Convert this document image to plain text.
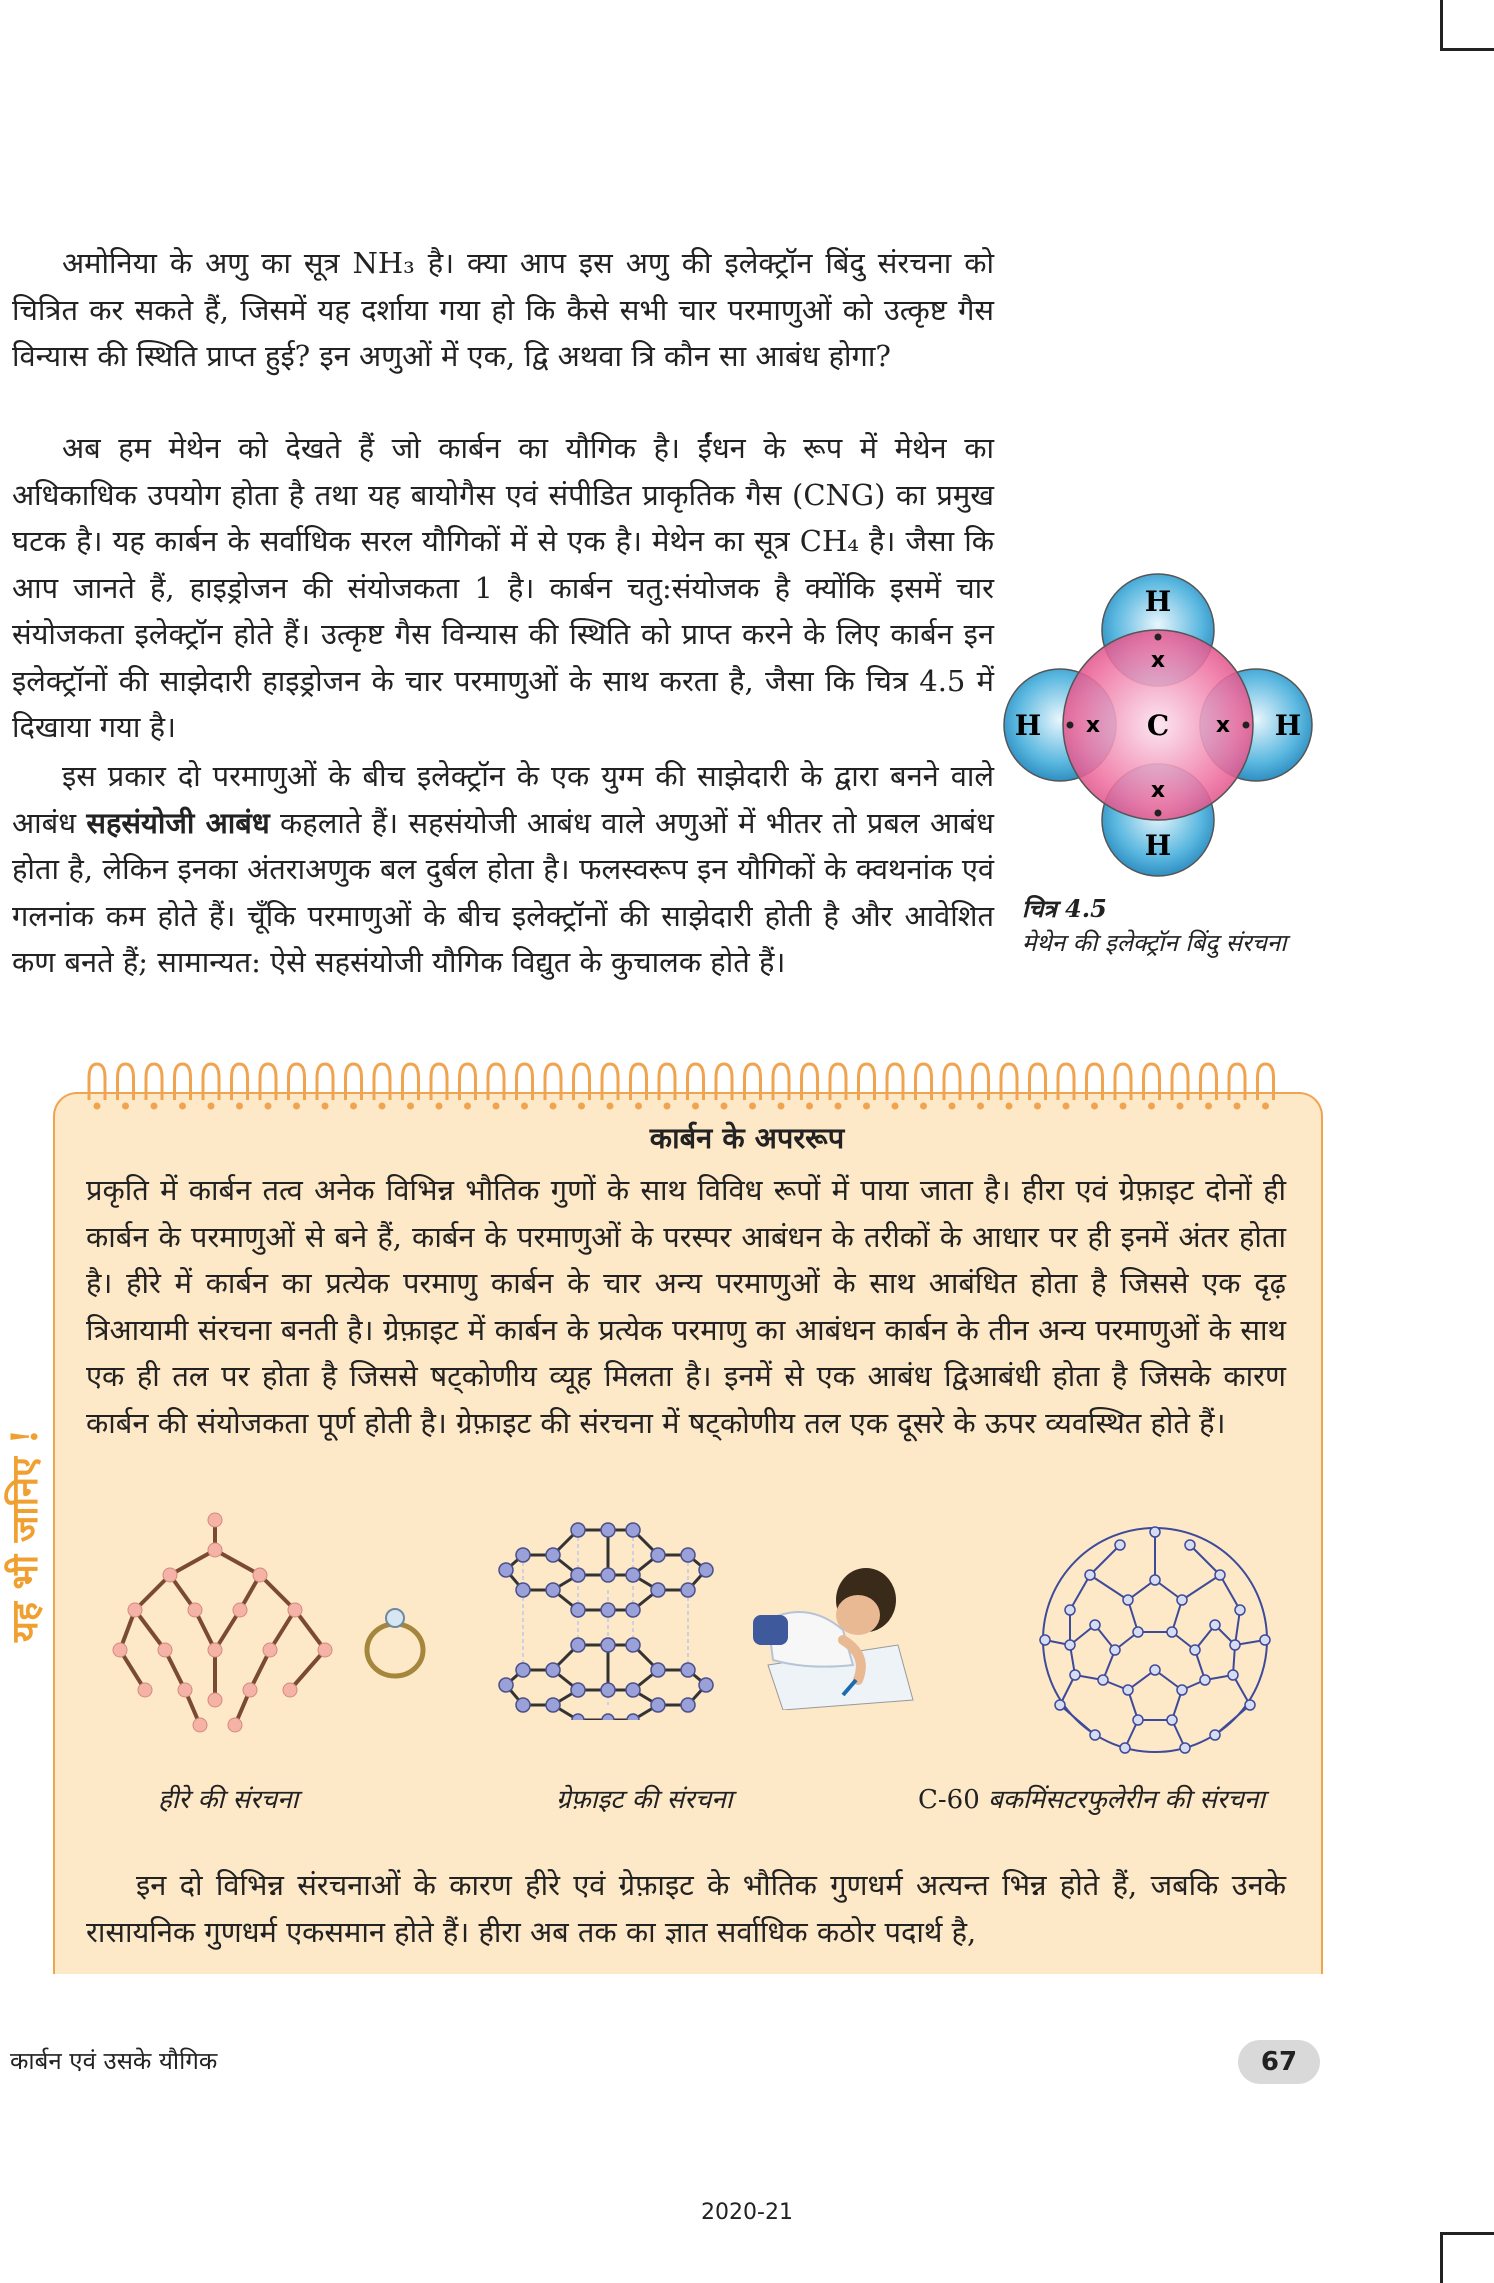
अमोनिया के अणु का सूत्र NH₃ है। क्या आप इस अणु की इलेक्ट्रॉन बिंदु संरचना को चित्रित कर सकते हैं, जिसमें यह दर्शाया गया हो कि कैसे सभी चार परमाणुओं को उत्कृष्ट गैस विन्यास की स्थिति प्राप्त हुई? इन अणुओं में एक, द्वि अथवा त्रि कौन सा आबंध होगा?

अब हम मेथेन को देखते हैं जो कार्बन का यौगिक है। ईंधन के रूप में मेथेन का अधिकाधिक उपयोग होता है तथा यह बायोगैस एवं संपीडित प्राकृतिक गैस (CNG) का प्रमुख घटक है। यह कार्बन के सर्वाधिक सरल यौगिकों में से एक है। मेथेन का सूत्र CH₄ है। जैसा कि आप जानते हैं, हाइड्रोजन की संयोजकता 1 है। कार्बन चतु:संयोजक है क्योंकि इसमें चार संयोजकता इलेक्ट्रॉन होते हैं। उत्कृष्ट गैस विन्यास की स्थिति को प्राप्त करने के लिए कार्बन इन इलेक्ट्रॉनों की साझेदारी हाइड्रोजन के चार परमाणुओं के साथ करता है, जैसा कि चित्र 4.5 में दिखाया गया है।

इस प्रकार दो परमाणुओं के बीच इलेक्ट्रॉन के एक युग्म की साझेदारी के द्वारा बनने वाले आबंध सहसंयोजी आबंध कहलाते हैं। सहसंयोजी आबंध वाले अणुओं में भीतर तो प्रबल आबंध होता है, लेकिन इनका अंतराअणुक बल दुर्बल होता है। फलस्वरूप इन यौगिकों के क्वथनांक एवं गलनांक कम होते हैं। चूँकि परमाणुओं के बीच इलेक्ट्रॉनों की साझेदारी होती है और आवेशित कण बनते हैं; सामान्यत: ऐसे सहसंयोजी यौगिक विद्युत के कुचालक होते हैं।

H
H
H	H
C
x
x
x	x
चित्र 4.5
मेथेन की इलेक्ट्रॉन बिंदु संरचना
यह भी जानिए !
कार्बन के अपररूप

प्रकृति में कार्बन तत्व अनेक विभिन्न भौतिक गुणों के साथ विविध रूपों में पाया जाता है। हीरा एवं ग्रेफ़ाइट दोनों ही कार्बन के परमाणुओं से बने हैं, कार्बन के परमाणुओं के परस्पर आबंधन के तरीकों के आधार पर ही इनमें अंतर होता है। हीरे में कार्बन का प्रत्येक परमाणु कार्बन के चार अन्य परमाणुओं के साथ आबंधित होता है जिससे एक दृढ़ त्रिआयामी संरचना बनती है। ग्रेफ़ाइट में कार्बन के प्रत्येक परमाणु का आबंधन कार्बन के तीन अन्य परमाणुओं के साथ एक ही तल पर होता है जिससे षट्कोणीय व्यूह मिलता है। इनमें से एक आबंध द्विआबंधी होता है जिसके कारण कार्बन की संयोजकता पूर्ण होती है। ग्रेफ़ाइट की संरचना में षट्कोणीय तल एक दूसरे के ऊपर व्यवस्थित होते हैं।

हीरे की संरचना	ग्रेफ़ाइट की संरचना	C-60 बकमिंसटरफुलेरीन की संरचना

इन दो विभिन्न संरचनाओं के कारण हीरे एवं ग्रेफ़ाइट के भौतिक गुणधर्म अत्यन्त भिन्न होते हैं, जबकि उनके रासायनिक गुणधर्म एकसमान होते हैं। हीरा अब तक का ज्ञात सर्वाधिक कठोर पदार्थ है,

कार्बन एवं उसके यौगिक	67
2020-21
